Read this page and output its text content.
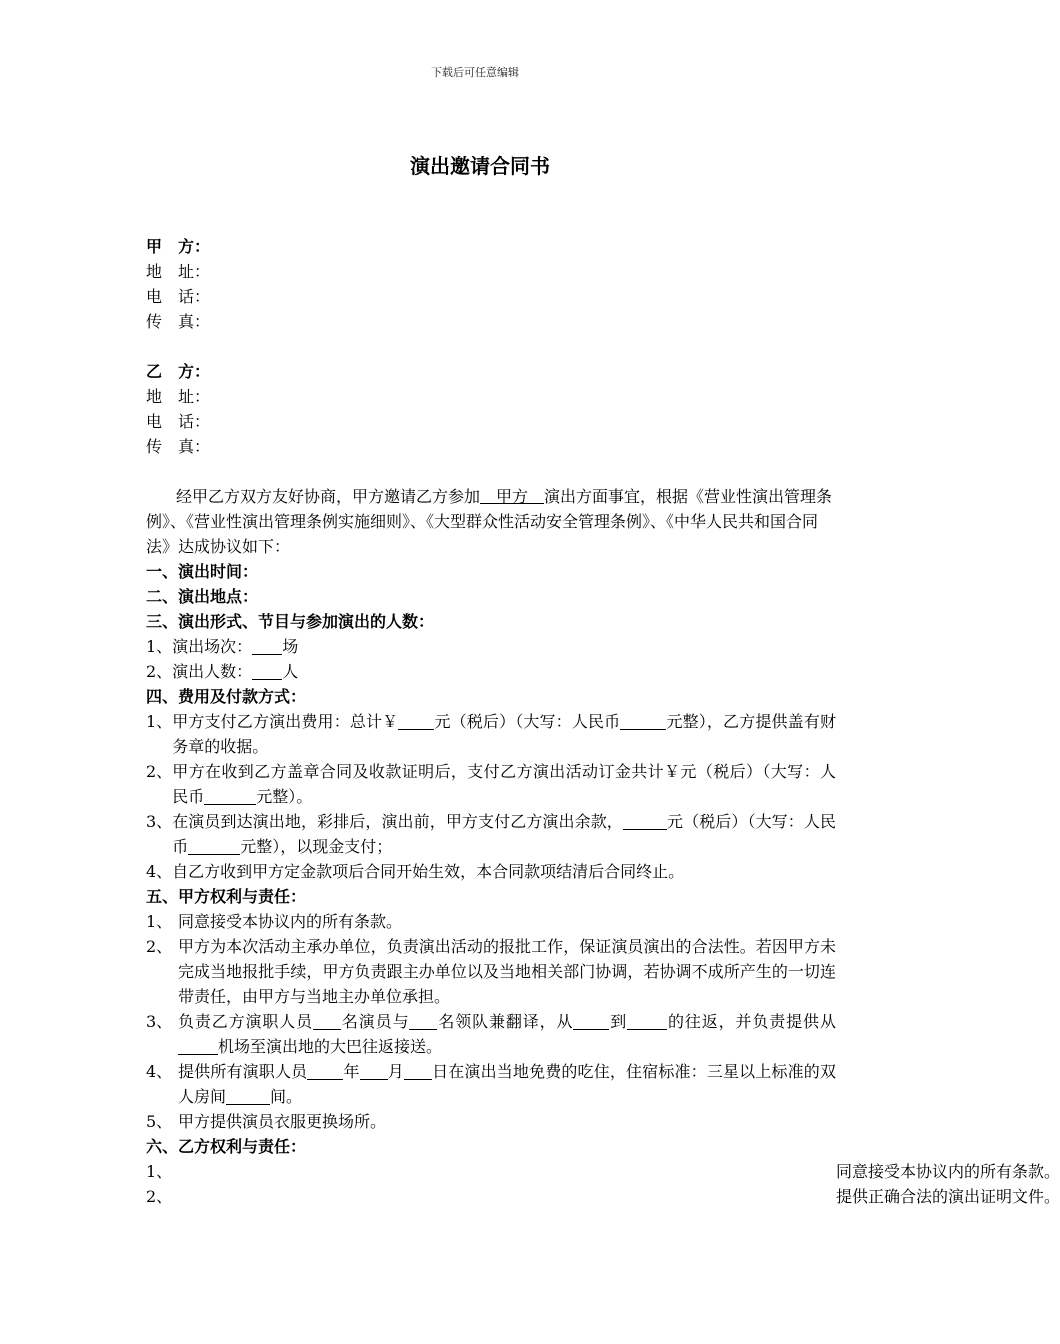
下载后可任意编辑
演出邀请合同书
甲　方：
地　址：
电　话：
传　真：
乙　方：
地　址：
电　话：
传　真：
经甲乙方双方友好协商，甲方邀请乙方参加　甲方　演出方面事宜，根据《营业性演出管理条例》、《营业性演出管理条例实施细则》、《大型群众性活动安全管理条例》、《中华人民共和国合同法》达成协议如下：
一、演出时间：
二、演出地点：
三、演出形式、节目与参加演出的人数：
1、演出场次： 场
2、演出人数： 人
四、费用及付款方式：
1、 甲方支付乙方演出费用：总计￥ 元（税后）（大写：人民币	元整），乙方提供盖有财务章的收据。
2、 甲方在收到乙方盖章合同及收款证明后，支付乙方演出活动订金共计￥元（税后）（大写：人民币	元整）。
3、 在演员到达演出地，彩排后，演出前，甲方支付乙方演出余款，	元（税后）（大写：人民币	元整），以现金支付；
4、自乙方收到甲方定金款项后合同开始生效，本合同款项结清后合同终止。
五、甲方权利与责任：
1、 同意接受本协议内的所有条款。
2、 甲方为本次活动主承办单位，负责演出活动的报批工作，保证演员演出的合法性。若因甲方未完成当地报批手续，甲方负责跟主办单位以及当地相关部门协调，若协调不成所产生的一切连带责任，由甲方与当地主办单位承担。
3、 负责乙方演职人员 名演员与 名领队兼翻译，从 到	的往返，并负责提供从机场至演出地的大巴往返接送。
4、 提供所有演职人员 年 月 日在演出当地免费的吃住，住宿标准：三星以上标准的双人房间	间。
5、 甲方提供演员衣服更换场所。
六、乙方权利与责任：
1、	同意接受本协议内的所有条款。
2、	提供正确合法的演出证明文件。
